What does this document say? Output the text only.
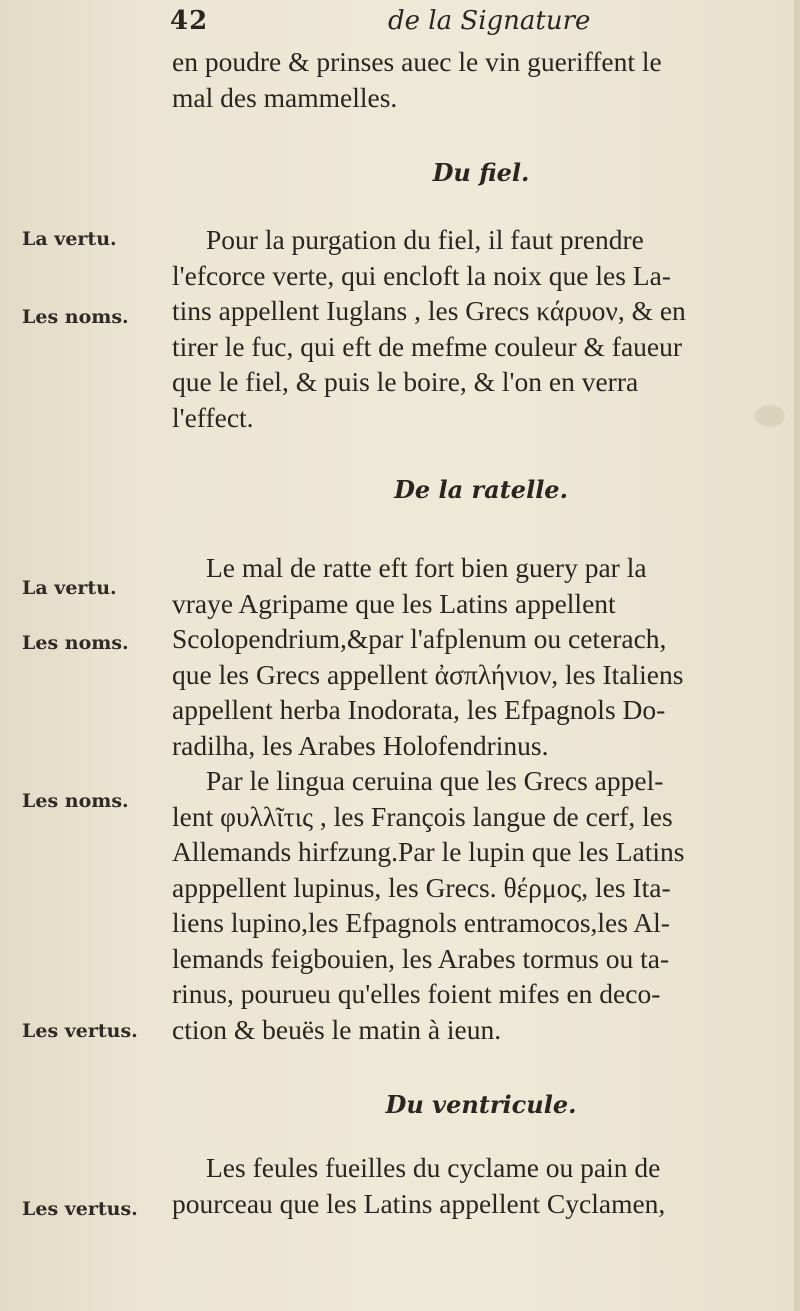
42	de la Signature
en poudre & prinses auec le vin gueriffent le
mal des mammelles.
Du fiel.
Pour la purgation du fiel, il faut prendre
l'efcorce verte, qui encloft la noix que les La-
tins appellent Iuglans , les Grecs κάρυον, & en
tirer le fuc, qui eft de mefme couleur & faueur
que le fiel, & puis le boire, & l'on en verra
l'effect.
De la ratelle.
Le mal de ratte eft fort bien guery par la
vraye Agripame que les Latins appellent
Scolopendrium,&par l'afplenum ou ceterach,
que les Grecs appellent ἀσπλήνιον, les Italiens
appellent herba Inodorata, les Efpagnols Do-
radilha, les Arabes Holofendrinus.
Par le lingua ceruina que les Grecs appel-
lent φυλλῖτις , les François langue de cerf, les
Allemands hirfzung.Par le lupin que les Latins
apppellent lupinus, les Grecs. θέρμος, les Ita-
liens lupino,les Efpagnols entramocos,les Al-
lemands feigbouien, les Arabes tormus ou ta-
rinus, pourueu qu'elles foient mifes en deco-
ction & beuës le matin à ieun.
Du ventricule.
Les feules fueilles du cyclame ou pain de
pourceau que les Latins appellent Cyclamen,
La vertu.
Les noms.
La vertu.
Les noms.
Les noms.
Les vertus.
Les vertus.
